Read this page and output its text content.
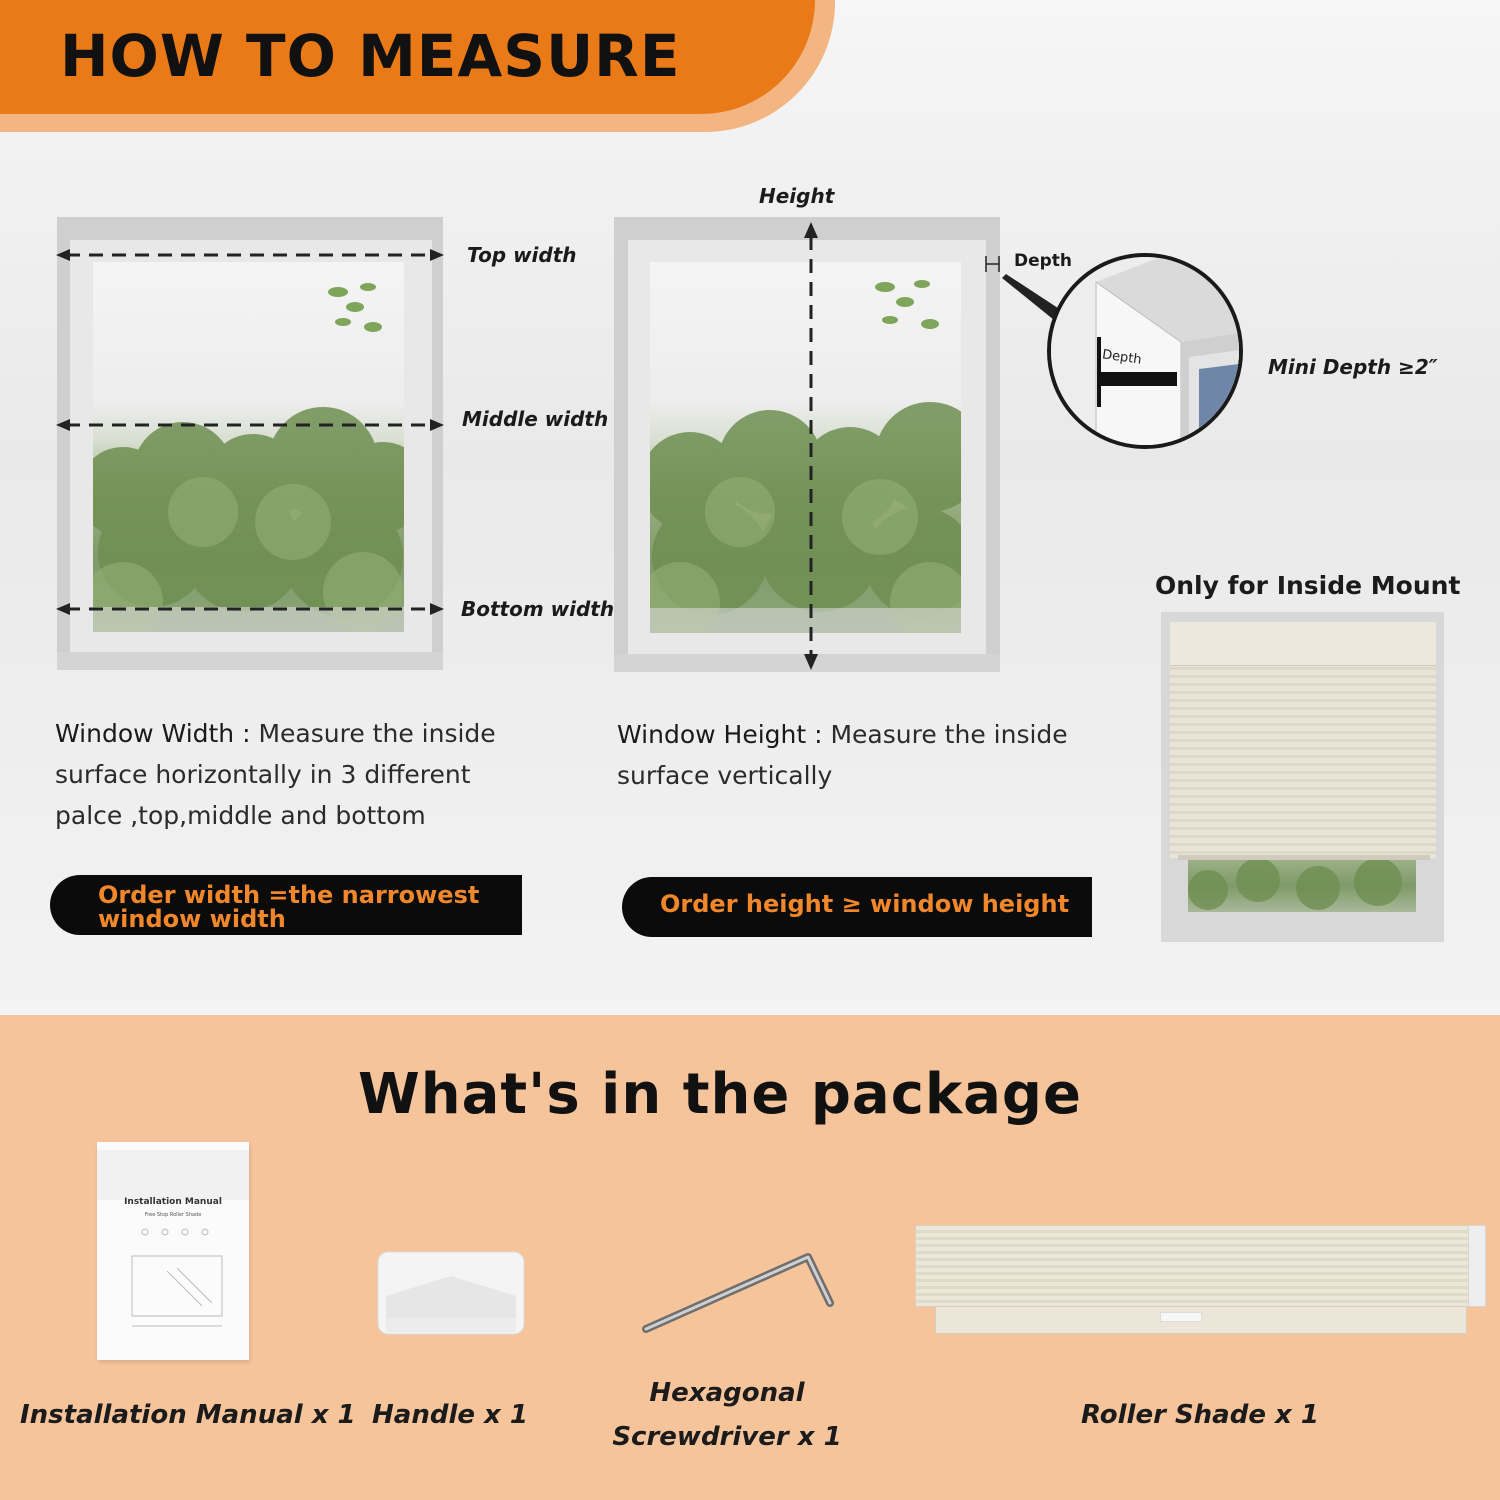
HOW TO MEASURE
Top width
Middle width
Bottom width
Window Width : Measure the inside
surface horizontally in 3 different
palce ,top,middle and bottom
Order width =the narrowest
window width
Height
Depth
Depth	Mini Depth ≥2″
Window Height : Measure the inside
surface vertically
Order height ≥ window height
Only for Inside Mount
What's in the package
Installation Manual
Free Stop Roller Shade
Installation Manual x 1 Handle x 1
Hexagonal
Screwdriver x 1
Roller Shade x 1
